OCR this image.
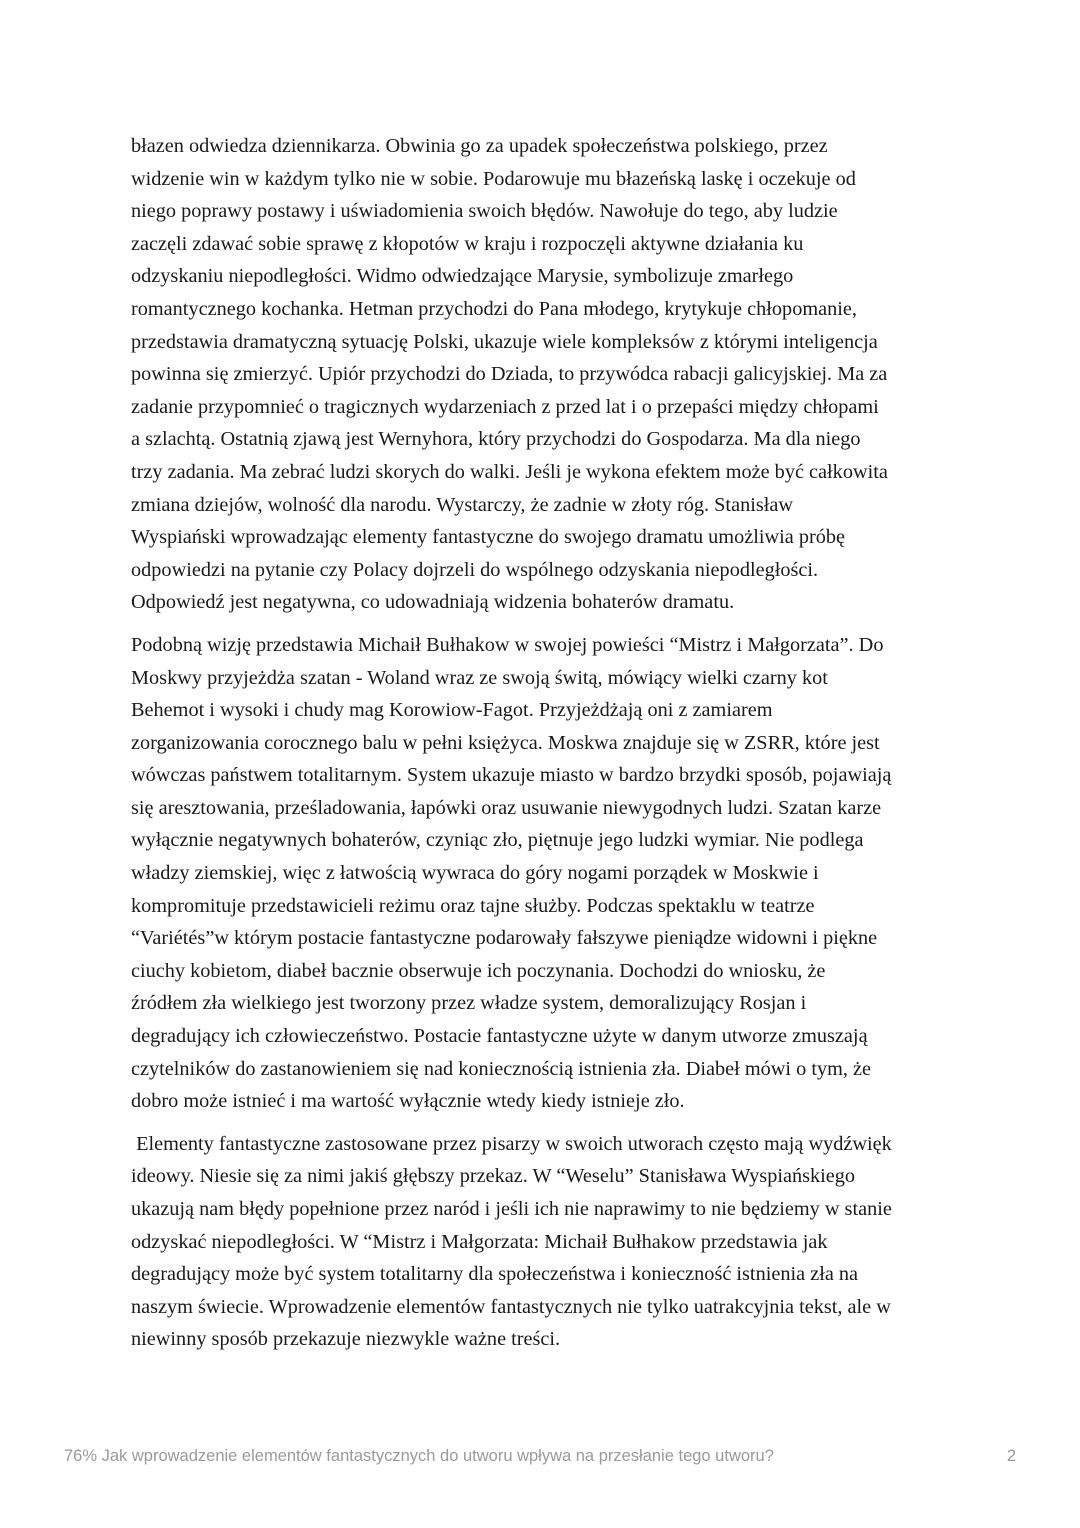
błazen odwiedza dziennikarza. Obwinia go za upadek społeczeństwa polskiego, przez
widzenie win w każdym tylko nie w sobie. Podarowuje mu błazeńską laskę i oczekuje od
niego poprawy postawy i uświadomienia swoich błędów. Nawołuje do tego, aby ludzie
zaczęli zdawać sobie sprawę z kłopotów w kraju i rozpoczęli aktywne działania ku
odzyskaniu niepodległości. Widmo odwiedzające Marysie, symbolizuje zmarłego
romantycznego kochanka. Hetman przychodzi do Pana młodego, krytykuje chłopomanie,
przedstawia dramatyczną sytuację Polski, ukazuje wiele kompleksów z którymi inteligencja
powinna się zmierzyć. Upiór przychodzi do Dziada, to przywódca rabacji galicyjskiej. Ma za
zadanie przypomnieć o tragicznych wydarzeniach z przed lat i o przepaści między chłopami
a szlachtą. Ostatnią zjawą jest Wernyhora, który przychodzi do Gospodarza. Ma dla niego
trzy zadania. Ma zebrać ludzi skorych do walki. Jeśli je wykona efektem może być całkowita
zmiana dziejów, wolność dla narodu. Wystarczy, że zadnie w złoty róg. Stanisław
Wyspiański wprowadzając elementy fantastyczne do swojego dramatu umożliwia próbę
odpowiedzi na pytanie czy Polacy dojrzeli do wspólnego odzyskania niepodległości.
Odpowiedź jest negatywna, co udowadniają widzenia bohaterów dramatu.

Podobną wizję przedstawia Michaił Bułhakow w swojej powieści “Mistrz i Małgorzata”. Do
Moskwy przyjeżdża szatan - Woland wraz ze swoją świtą, mówiący wielki czarny kot
Behemot i wysoki i chudy mag Korowiow-Fagot. Przyjeżdżają oni z zamiarem
zorganizowania corocznego balu w pełni księżyca. Moskwa znajduje się w ZSRR, które jest
wówczas państwem totalitarnym. System ukazuje miasto w bardzo brzydki sposób, pojawiają
się aresztowania, prześladowania, łapówki oraz usuwanie niewygodnych ludzi. Szatan karze
wyłącznie negatywnych bohaterów, czyniąc zło, piętnuje jego ludzki wymiar. Nie podlega
władzy ziemskiej, więc z łatwością wywraca do góry nogami porządek w Moskwie i
kompromituje przedstawicieli reżimu oraz tajne służby. Podczas spektaklu w teatrze
“Variétés”w którym postacie fantastyczne podarowały fałszywe pieniądze widowni i piękne
ciuchy kobietom, diabeł bacznie obserwuje ich poczynania. Dochodzi do wniosku, że
źródłem zła wielkiego jest tworzony przez władze system, demoralizujący Rosjan i
degradujący ich człowieczeństwo. Postacie fantastyczne użyte w danym utworze zmuszają
czytelników do zastanowieniem się nad koniecznością istnienia zła. Diabeł mówi o tym, że
dobro może istnieć i ma wartość wyłącznie wtedy kiedy istnieje zło.

Elementy fantastyczne zastosowane przez pisarzy w swoich utworach często mają wydźwięk
ideowy. Niesie się za nimi jakiś głębszy przekaz. W “Weselu” Stanisława Wyspiańskiego
ukazują nam błędy popełnione przez naród i jeśli ich nie naprawimy to nie będziemy w stanie
odzyskać niepodległości. W “Mistrz i Małgorzata: Michaił Bułhakow przedstawia jak
degradujący może być system totalitarny dla społeczeństwa i konieczność istnienia zła na
naszym świecie. Wprowadzenie elementów fantastycznych nie tylko uatrakcyjnia tekst, ale w
niewinny sposób przekazuje niezwykle ważne treści.

76% Jak wprowadzenie elementów fantastycznych do utworu wpływa na przesłanie tego utworu?	2
